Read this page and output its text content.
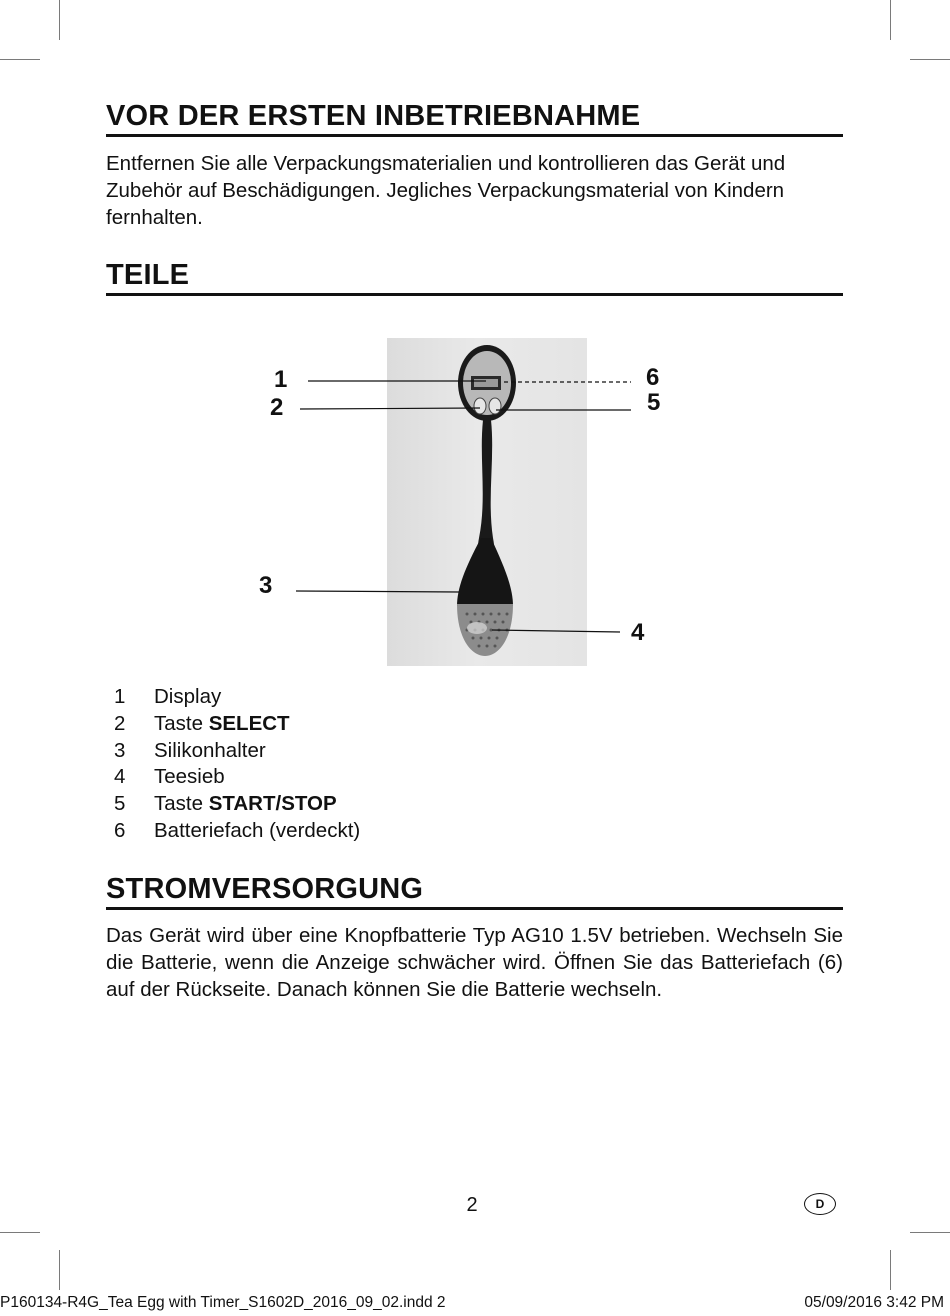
VOR DER ERSTEN INBETRIEBNAHME

Entfernen Sie alle Verpackungsmaterialien und kontrollieren das Gerät und Zubehör auf Beschädigungen. Jegliches Verpackungsmaterial von Kindern fernhalten.

TEILE
1
2
3
4
5
6
1 Display
2 Taste SELECT
3 Silikonhalter
4 Teesieb
5 Taste START/STOP
6 Batteriefach (verdeckt)
STROMVERSORGUNG

Das Gerät wird über eine Knopfbatterie Typ AG10 1.5V betrieben. Wechseln Sie die Batterie, wenn die Anzeige schwächer wird. Öffnen Sie das Batteriefach (6) auf der Rückseite. Danach können Sie die Batterie wechseln.

2	D
P160134-R4G_Tea Egg with Timer_S1602D_2016_09_02.indd 2	05/09/2016 3:42 PM
